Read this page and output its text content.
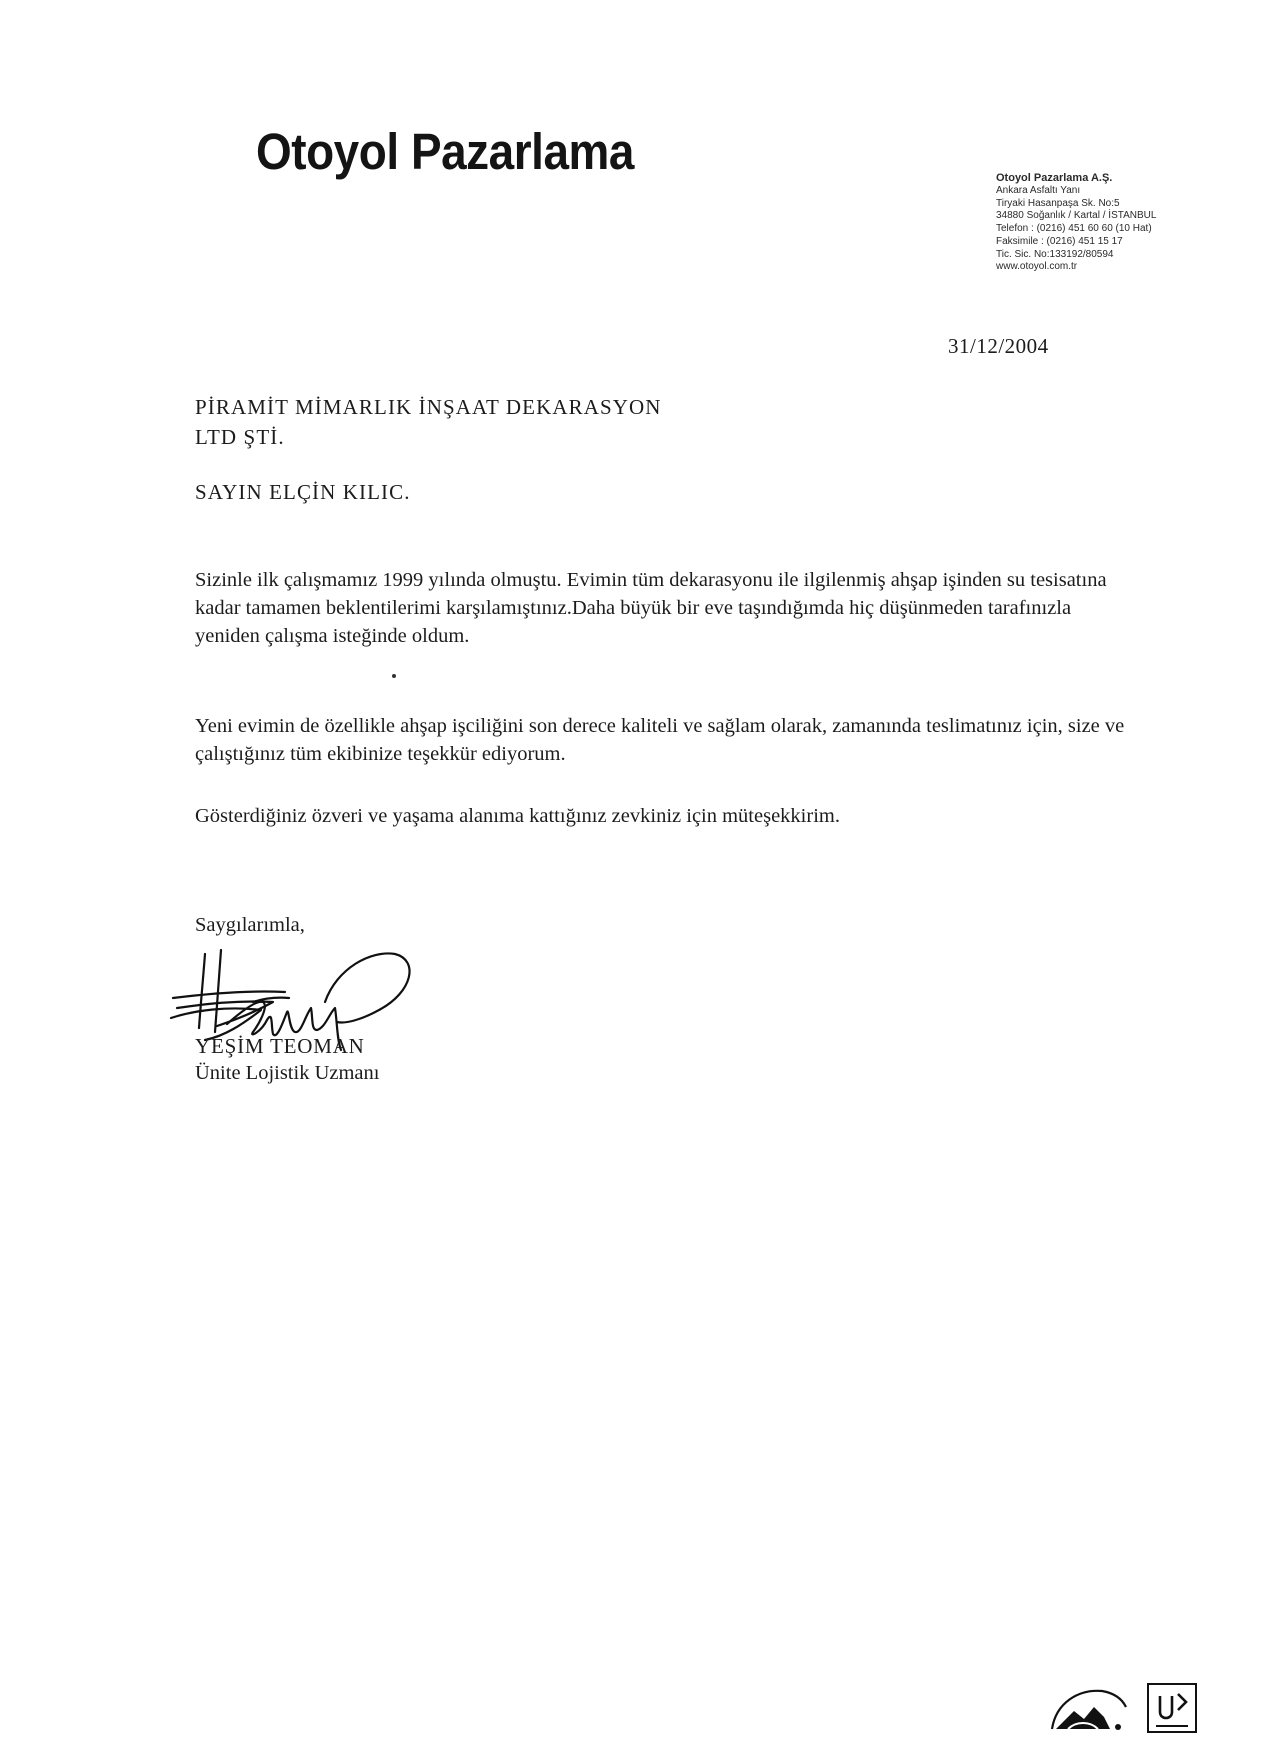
Otoyol Pazarlama	Otoyol Pazarlama A.Ş.
Ankara Asfaltı Yanı
Tiryaki Hasanpaşa Sk. No:5
34880 Soğanlık / Kartal / İSTANBUL
Telefon : (0216) 451 60 60 (10 Hat)
Faksimile : (0216) 451 15 17
Tic. Sic. No:133192/80594
www.otoyol.com.tr
31/12/2004
PİRAMİT MİMARLIK İNŞAAT DEKARASYON
LTD ŞTİ.
SAYIN ELÇİN KILIC.
Sizinle ilk çalışmamız 1999 yılında olmuştu. Evimin tüm dekarasyonu ile ilgilenmiş ahşap işinden su tesisatına kadar tamamen beklentilerimi karşılamıştınız.Daha büyük bir eve taşındığımda hiç düşünmeden tarafınızla yeniden çalışma isteğinde oldum.
Yeni evimin de özellikle ahşap işciliğini son derece kaliteli ve sağlam olarak, zamanında teslimatınız için, size ve çalıştığınız tüm ekibinize teşekkür ediyorum.
Gösterdiğiniz özveri ve yaşama alanıma kattığınız zevkiniz için müteşekkirim.
Saygılarımla,
YEŞİM TEOMAN
Ünite Lojistik Uzmanı
